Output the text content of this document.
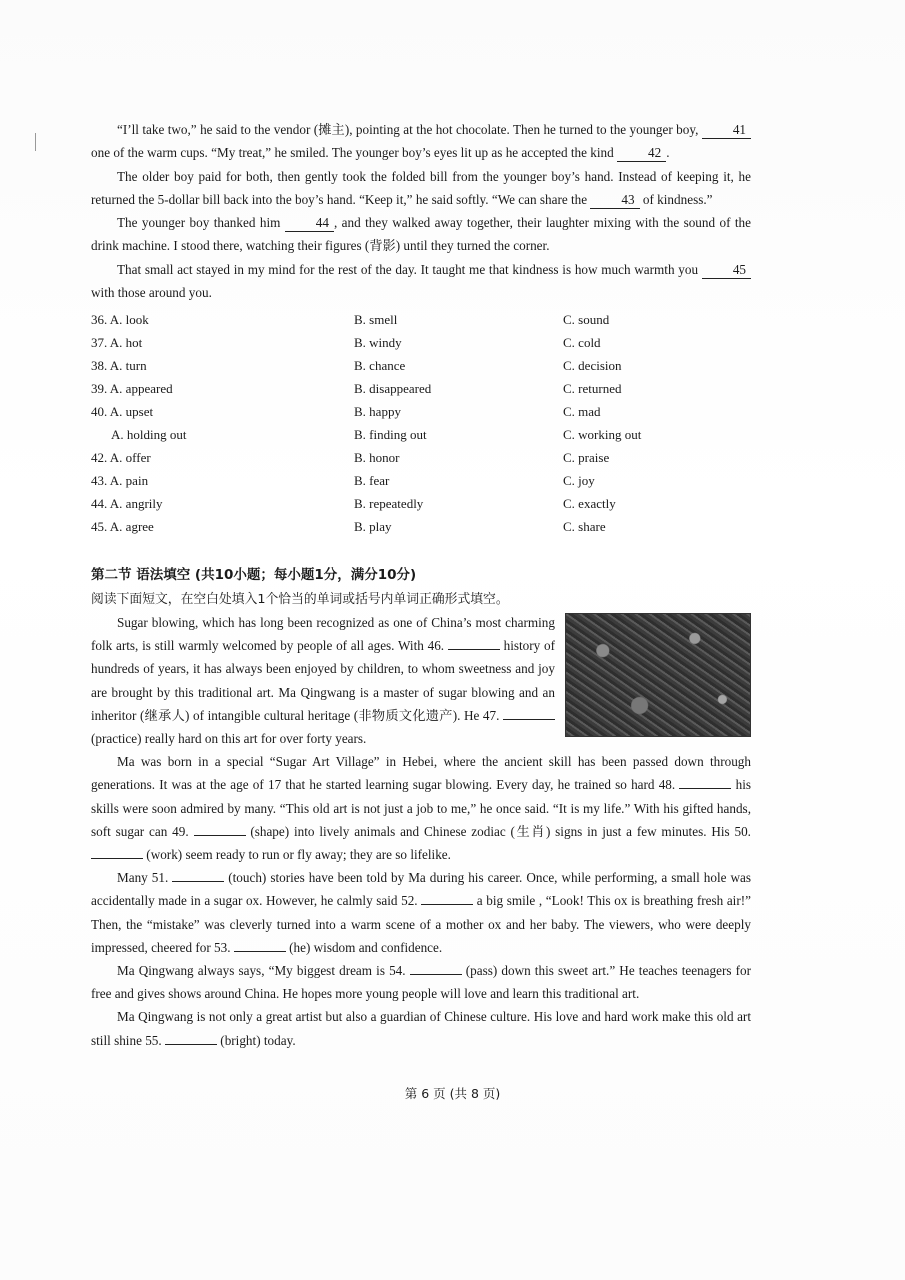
“I’ll take two,” he said to the vendor (摊主), pointing at the hot chocolate. Then he turned to the younger boy, 41 one of the warm cups. “My treat,” he smiled. The younger boy’s eyes lit up as he accepted the kind 42 .

The older boy paid for both, then gently took the folded bill from the younger boy’s hand. Instead of keeping it, he returned the 5-dollar bill back into the boy’s hand. “Keep it,” he said softly. “We can share the 43 of kindness.”

The younger boy thanked him 44 , and they walked away together, their laughter mixing with the sound of the drink machine. I stood there, watching their figures (背影) until they turned the corner.

That small act stayed in my mind for the rest of the day. It taught me that kindness is how much warmth you 45 with those around you.

36. A. look	B. smell	C. sound
37. A. hot	B. windy	C. cold
38. A. turn	B. chance	C. decision
39. A. appeared	B. disappeared	C. returned
40. A. upset	B. happy	C. mad
A. holding out	B. finding out	C. working out
42. A. offer	B. honor	C. praise
43. A. pain	B. fear	C. joy
44. A. angrily	B. repeatedly	C. exactly
45. A. agree	B. play	C. share
第二节 语法填空 (共10小题；每小题1分，满分10分)
阅读下面短文，在空白处填入1个恰当的单词或括号内单词正确形式填空。

Sugar blowing, which has long been recognized as one of China’s most charming folk arts, is still warmly welcomed by people of all ages. With 46.	history of hundreds of years, it has always been enjoyed by children, to whom sweetness and joy are brought by this traditional art. Ma Qingwang is a master of sugar blowing and an inheritor (继承人) of intangible cultural heritage (非物质文化遗产). He 47.  (practice) really hard on this art for over forty years.

Ma was born in a special “Sugar Art Village” in Hebei, where the ancient skill has been passed down through generations. It was at the age of 17 that he started learning sugar blowing. Every day, he trained so hard 48.	his skills were soon admired by many. “This old art is not just a job to me,” he once said. “It is my life.” With his gifted hands, soft sugar can 49.	(shape) into lively animals and Chinese zodiac (生肖) signs in just a few minutes. His 50.  (work) seem ready to run or fly away; they are so lifelike.

Many 51.	(touch) stories have been told by Ma during his career. Once, while performing, a small hole was accidentally made in a sugar ox. However, he calmly said 52.	a big smile , “Look! This ox is breathing fresh air!” Then, the “mistake” was cleverly turned into a warm scene of a mother ox and her baby. The viewers, who were deeply impressed, cheered for 53.	(he) wisdom and confidence.

Ma Qingwang always says, “My biggest dream is 54.	(pass) down this sweet art.” He teaches teenagers for free and gives shows around China. He hopes more young people will love and learn this traditional art.

Ma Qingwang is not only a great artist but also a guardian of Chinese culture. His love and hard work make this old art still shine 55.	(bright) today.

第 6 页 (共 8 页)
